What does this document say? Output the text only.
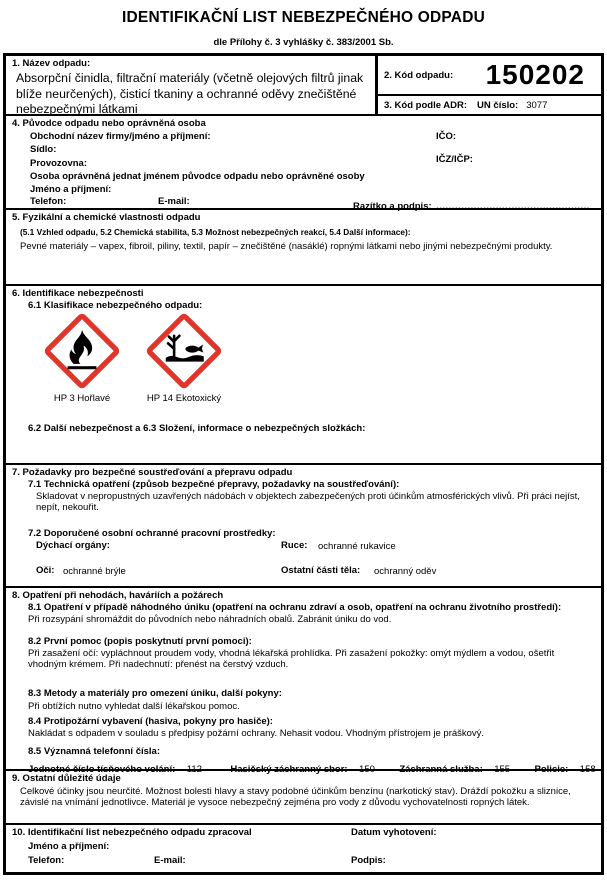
IDENTIFIKAČNÍ LIST NEBEZPEČNÉHO ODPADU
dle Přílohy č. 3 vyhlášky č. 383/2001 Sb.
1. Název odpadu:
Absorpční činidla, filtrační materiály (včetně olejových filtrů jinak blíže neurčených), čisticí tkaniny a ochranné oděvy znečištěné nebezpečnými látkami
2. Kód odpadu: 150202
3. Kód podle ADR: UN číslo: 3077
4. Původce odpadu nebo oprávněná osoba
Obchodní název firmy/jméno a příjmení:	IČO:
Sídlo:
IČZ/IČP:
Provozovna:
Osoba oprávněná jednat jménem původce odpadu nebo oprávněné osoby
Jméno a příjmení:
Telefon:	E-mail:	Razítko a podpis: .................................................
5. Fyzikální a chemické vlastnosti odpadu
(5.1 Vzhled odpadu, 5.2 Chemická stabilita, 5.3 Možnost nebezpečných reakcí, 5.4 Další informace):
Pevné materiály – vapex, fibroil, piliny, textil, papír – znečištěné (nasáklé) ropnými látkami nebo jinými nebezpečnými produkty.
6. Identifikace nebezpečnosti
6.1 Klasifikace nebezpečného odpadu:
HP 3 Hořlavé	HP 14 Ekotoxický
6.2 Další nebezpečnost a 6.3 Složení, informace o nebezpečných složkách:
7. Požadavky pro bezpečné soustřeďování a přepravu odpadu
7.1 Technická opatření (způsob bezpečné přepravy, požadavky na soustřeďování):
Skladovat v nepropustných uzavřených nádobách v objektech zabezpečených proti účinkům atmosférických vlivů. Při práci nejíst, nepít, nekouřit.
7.2 Doporučené osobní ochranné pracovní prostředky:
Dýchací orgány:	Ruce: ochranné rukavice
Oči: ochranné brýle	Ostatní části těla: ochranný oděv
8. Opatření při nehodách, haváriích a požárech
8.1 Opatření v případě náhodného úniku (opatření na ochranu zdraví a osob, opatření na ochranu životního prostředí):
Při rozsypání shromáždit do původních nebo náhradních obalů. Zabránit úniku do vod.
8.2 První pomoc (popis poskytnutí první pomoci):
Při zasažení očí: vypláchnout proudem vody, vhodná lékařská prohlídka. Při zasažení pokožky: omýt mýdlem a vodou, ošetřit vhodným krémem. Při nadechnutí: přenést na čerstvý vzduch.
8.3 Metody a materiály pro omezení úniku, další pokyny:
Při obtížích nutno vyhledat další lékařskou pomoc.
8.4 Protipožární vybavení (hasiva, pokyny pro hasiče):
Nakládat s odpadem v souladu s předpisy požární ochrany. Nehasit vodou. Vhodným přístrojem je práškový.
8.5 Významná telefonní čísla:
Jednotné číslo tísňového volání: 112	Hasičský záchranný sbor: 150	Záchranná služba: 155	Policie: 158
9. Ostatní důležité údaje
Celkové účinky jsou neurčité. Možnost bolesti hlavy a stavy podobné účinkům benzínu (narkotický stav). Dráždí pokožku a sliznice, závislé na vnímání jednotlivce. Materiál je vysoce nebezpečný zejména pro vody z důvodu vychovatelnosti ropných látek.
10. Identifikační list nebezpečného odpadu zpracoval	Datum vyhotovení:
Jméno a příjmení:
Telefon:	E-mail:	Podpis:
